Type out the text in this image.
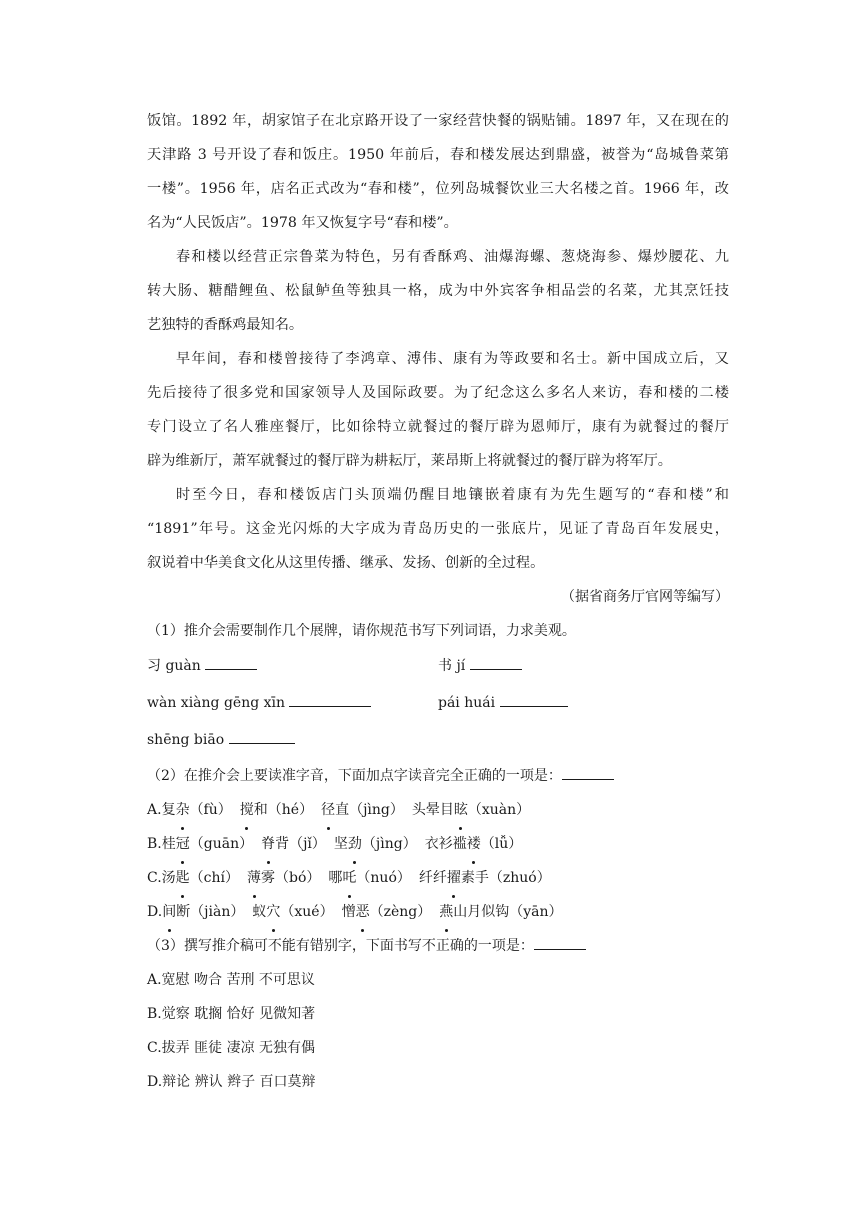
饭馆。1892 年，胡家馆子在北京路开设了一家经营快餐的锅贴铺。1897 年，又在现在的
天津路 3 号开设了春和饭庄。1950 年前后，春和楼发展达到鼎盛，被誉为“岛城鲁菜第
一楼”。1956 年，店名正式改为“春和楼”，位列岛城餐饮业三大名楼之首。1966 年，改
名为“人民饭店”。1978 年又恢复字号“春和楼”。
春和楼以经营正宗鲁菜为特色，另有香酥鸡、油爆海螺、葱烧海参、爆炒腰花、九
转大肠、糖醋鲤鱼、松鼠鲈鱼等独具一格，成为中外宾客争相品尝的名菜，尤其烹饪技
艺独特的香酥鸡最知名。
早年间，春和楼曾接待了李鸿章、溥伟、康有为等政要和名士。新中国成立后，又
先后接待了很多党和国家领导人及国际政要。为了纪念这么多名人来访，春和楼的二楼
专门设立了名人雅座餐厅，比如徐特立就餐过的餐厅辟为恩师厅，康有为就餐过的餐厅
辟为维新厅，萧军就餐过的餐厅辟为耕耘厅，莱昂斯上将就餐过的餐厅辟为将军厅。
时至今日，春和楼饭店门头顶端仍醒目地镶嵌着康有为先生题写的“春和楼”和
“1891”年号。这金光闪烁的大字成为青岛历史的一张底片，见证了青岛百年发展史，
叙说着中华美食文化从这里传播、继承、发扬、创新的全过程。

（据省商务厅官网等编写）

（1）推介会需要制作几个展牌，请你规范书写下列词语，力求美观。

习 guàn	书 jí
wàn xiàng gēng xīn	pái huái
shēng biāo

（2）在推介会上要读准字音，下面加点字读音完全正确的一项是：

A.复杂（fù） 搅和（hé） 径直（jìng） 头晕目眩（xuàn）

B.桂冠（guān） 脊背（jǐ） 坚劲（jìng） 衣衫褴褛（lǚ）

C.汤匙（chí） 薄雾（bó） 哪吒（nuó） 纤纤擢素手（zhuó）

D.间断（jiàn） 蚁穴（xué） 憎恶（zèng） 燕山月似钩（yān）

（3）撰写推介稿可不能有错别字，下面书写不正确的一项是：

A.宽慰 吻合 苦刑 不可思议

B.觉察 耽搁 恰好 见微知著

C.拔弄 匪徒 凄凉 无独有偶

D.辩论 辨认 辫子 百口莫辩
